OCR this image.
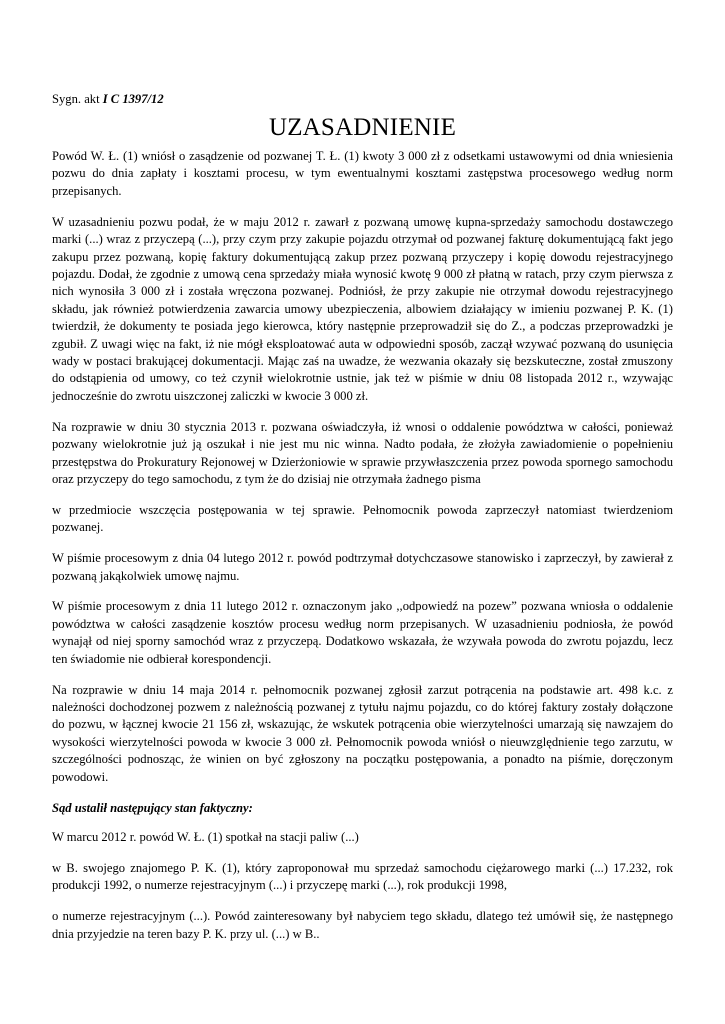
Sygn. akt I C 1397/12
UZASADNIENIE

Powód W. Ł. (1) wniósł o zasądzenie od pozwanej T. Ł. (1) kwoty 3 000 zł z odsetkami ustawowymi od dnia wniesienia pozwu do dnia zapłaty i kosztami procesu, w tym ewentualnymi kosztami zastępstwa procesowego według norm przepisanych.

W uzasadnieniu pozwu podał, że w maju 2012 r. zawarł z pozwaną umowę kupna-sprzedaży samochodu dostawczego marki (...) wraz z przyczepą (...), przy czym przy zakupie pojazdu otrzymał od pozwanej fakturę dokumentującą fakt jego zakupu przez pozwaną, kopię faktury dokumentującą zakup przez pozwaną przyczepy i kopię dowodu rejestracyjnego pojazdu. Dodał, że zgodnie z umową cena sprzedaży miała wynosić kwotę 9 000 zł płatną w ratach, przy czym pierwsza z nich wynosiła 3 000 zł i została wręczona pozwanej. Podniósł, że przy zakupie nie otrzymał dowodu rejestracyjnego składu, jak również potwierdzenia zawarcia umowy ubezpieczenia, albowiem działający w imieniu pozwanej P. K. (1) twierdził, że dokumenty te posiada jego kierowca, który następnie przeprowadził się do Z., a podczas przeprowadzki je zgubił. Z uwagi więc na fakt, iż nie mógł eksploatować auta w odpowiedni sposób, zaczął wzywać pozwaną do usunięcia wady w postaci brakującej dokumentacji. Mając zaś na uwadze, że wezwania okazały się bezskuteczne, został zmuszony do odstąpienia od umowy, co też czynił wielokrotnie ustnie, jak też w piśmie w dniu 08 listopada 2012 r., wzywając jednocześnie do zwrotu uiszczonej zaliczki w kwocie 3 000 zł.

Na rozprawie w dniu 30 stycznia 2013 r. pozwana oświadczyła, iż wnosi o oddalenie powództwa w całości, ponieważ pozwany wielokrotnie już ją oszukał i nie jest mu nic winna. Nadto podała, że złożyła zawiadomienie o popełnieniu przestępstwa do Prokuratury Rejonowej w Dzierżoniowie w sprawie przywłaszczenia przez powoda spornego samochodu oraz przyczepy do tego samochodu, z tym że do dzisiaj nie otrzymała żadnego pisma

w przedmiocie wszczęcia postępowania w tej sprawie. Pełnomocnik powoda zaprzeczył natomiast twierdzeniom pozwanej.

W piśmie procesowym z dnia 04 lutego 2012 r. powód podtrzymał dotychczasowe stanowisko i zaprzeczył, by zawierał z pozwaną jakąkolwiek umowę najmu.

W piśmie procesowym z dnia 11 lutego 2012 r. oznaczonym jako ,,odpowiedź na pozew” pozwana wniosła o oddalenie powództwa w całości zasądzenie kosztów procesu według norm przepisanych. W uzasadnieniu podniosła, że powód wynajął od niej sporny samochód wraz z przyczepą. Dodatkowo wskazała, że wzywała powoda do zwrotu pojazdu, lecz ten świadomie nie odbierał korespondencji.

Na rozprawie w dniu 14 maja 2014 r. pełnomocnik pozwanej zgłosił zarzut potrącenia na podstawie art. 498 k.c. z należności dochodzonej pozwem z należnością pozwanej z tytułu najmu pojazdu, co do której faktury zostały dołączone do pozwu, w łącznej kwocie 21 156 zł, wskazując, że wskutek potrącenia obie wierzytelności umarzają się nawzajem do wysokości wierzytelności powoda w kwocie 3 000 zł. Pełnomocnik powoda wniósł o nieuwzględnienie tego zarzutu, w szczególności podnosząc, że winien on być zgłoszony na początku postępowania, a ponadto na piśmie, doręczonym powodowi.

Sąd ustalił następujący stan faktyczny:

W marcu 2012 r. powód W. Ł. (1) spotkał na stacji paliw (...)

w B. swojego znajomego P. K. (1), który zaproponował mu sprzedaż samochodu ciężarowego marki (...) 17.232, rok produkcji 1992, o numerze rejestracyjnym (...) i przyczepę marki (...), rok produkcji 1998,

o numerze rejestracyjnym (...). Powód zainteresowany był nabyciem tego składu, dlatego też umówił się, że następnego dnia przyjedzie na teren bazy P. K. przy ul. (...) w B..
